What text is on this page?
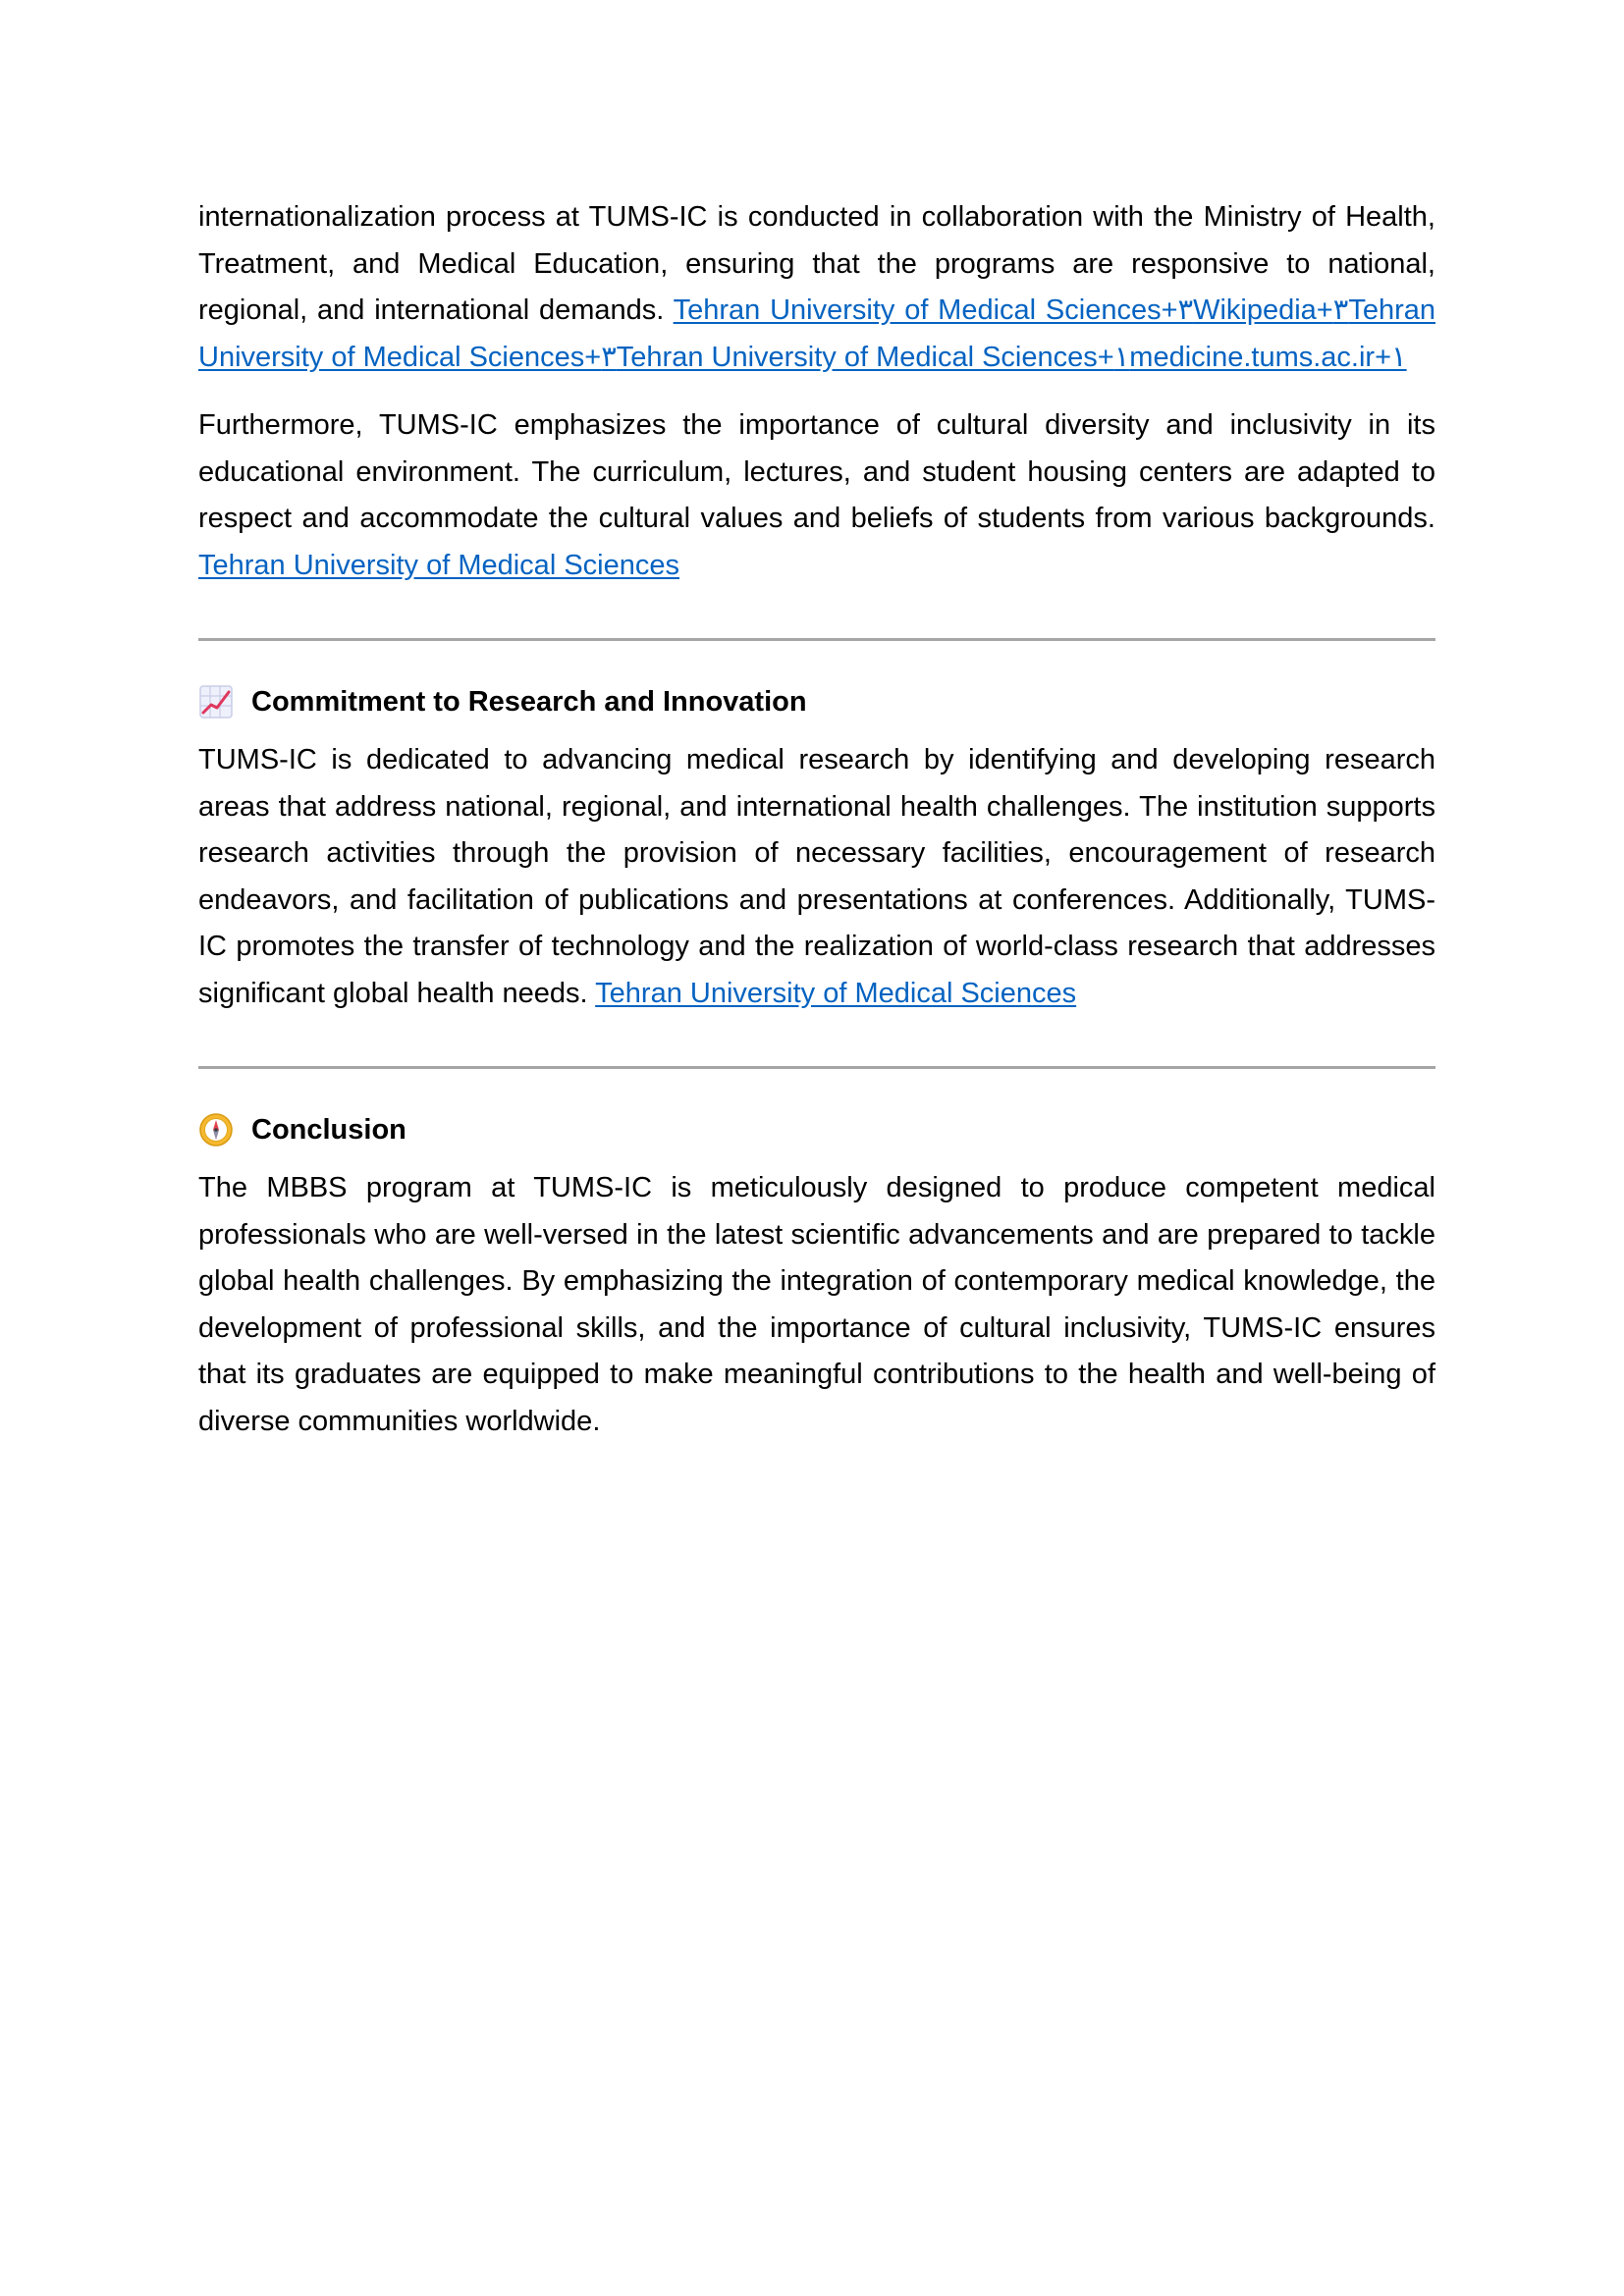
internationalization process at TUMS-IC is conducted in collaboration with the Ministry of Health, Treatment, and Medical Education, ensuring that the programs are responsive to national, regional, and international demands. Tehran University of Medical Sciences+٣Wikipedia+٣Tehran University of Medical Sciences+٣Tehran University of Medical Sciences+١medicine.tums.ac.ir+١

Furthermore, TUMS-IC emphasizes the importance of cultural diversity and inclusivity in its educational environment. The curriculum, lectures, and student housing centers are adapted to respect and accommodate the cultural values and beliefs of students from various backgrounds. Tehran University of Medical Sciences

Commitment to Research and Innovation

TUMS-IC is dedicated to advancing medical research by identifying and developing research areas that address national, regional, and international health challenges. The institution supports research activities through the provision of necessary facilities, encouragement of research endeavors, and facilitation of publications and presentations at conferences. Additionally, TUMS-IC promotes the transfer of technology and the realization of world-class research that addresses significant global health needs. Tehran University of Medical Sciences

Conclusion

The MBBS program at TUMS-IC is meticulously designed to produce competent medical professionals who are well-versed in the latest scientific advancements and are prepared to tackle global health challenges. By emphasizing the integration of contemporary medical knowledge, the development of professional skills, and the importance of cultural inclusivity, TUMS-IC ensures that its graduates are equipped to make meaningful contributions to the health and well-being of diverse communities worldwide.
